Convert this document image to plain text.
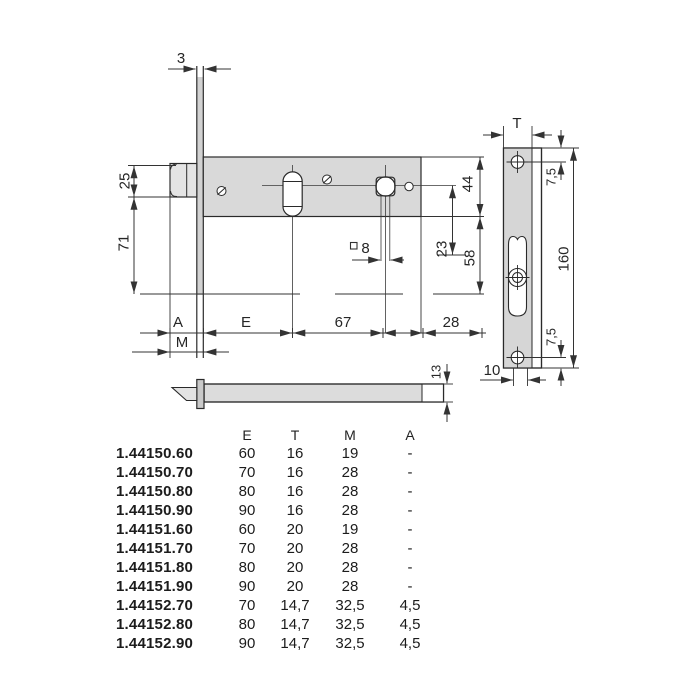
3
25
71
44
58
23
8
A	E	67	28
M
T
7,5
160
7,5
10
13
E	T	M	A
1.44150.60	60	16	19	-
1.44150.70	70	16	28	-
1.44150.80	80	16	28	-
1.44150.90	90	16	28	-
1.44151.60	60	20	19	-
1.44151.70	70	20	28	-
1.44151.80	80	20	28	-
1.44151.90	90	20	28	-
1.44152.70	70	14,7	32,5	4,5
1.44152.80	80	14,7	32,5	4,5
1.44152.90	90	14,7	32,5	4,5
